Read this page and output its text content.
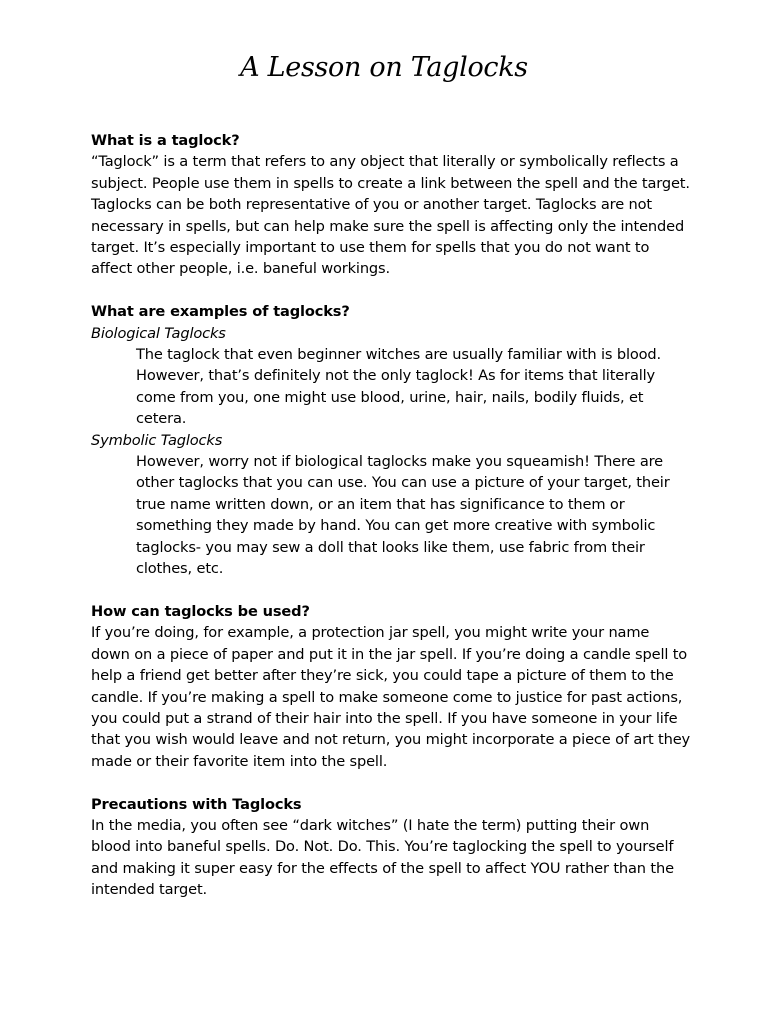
A Lesson on Taglocks
What is a taglock?

“Taglock” is a term that refers to any object that literally or symbolically reflects a subject. People use them in spells to create a link between the spell and the target. Taglocks can be both representative of you or another target. Taglocks are not necessary in spells, but can help make sure the spell is affecting only the intended target. It’s especially important to use them for spells that you do not want to affect other people, i.e. baneful workings.

What are examples of taglocks?
Biological Taglocks
The taglock that even beginner witches are usually familiar with is blood. However, that’s definitely not the only taglock! As for items that literally come from you, one might use blood, urine, hair, nails, bodily fluids, et cetera.
Symbolic Taglocks
However, worry not if biological taglocks make you squeamish! There are other taglocks that you can use. You can use a picture of your target, their true name written down, or an item that has significance to them or something they made by hand. You can get more creative with symbolic taglocks- you may sew a doll that looks like them, use fabric from their clothes, etc.
How can taglocks be used?

If you’re doing, for example, a protection jar spell, you might write your name down on a piece of paper and put it in the jar spell. If you’re doing a candle spell to help a friend get better after they’re sick, you could tape a picture of them to the candle. If you’re making a spell to make someone come to justice for past actions, you could put a strand of their hair into the spell. If you have someone in your life that you wish would leave and not return, you might incorporate a piece of art they made or their favorite item into the spell.

Precautions with Taglocks

In the media, you often see “dark witches” (I hate the term) putting their own blood into baneful spells. Do. Not. Do. This. You’re taglocking the spell to yourself and making it super easy for the effects of the spell to affect YOU rather than the intended target.
